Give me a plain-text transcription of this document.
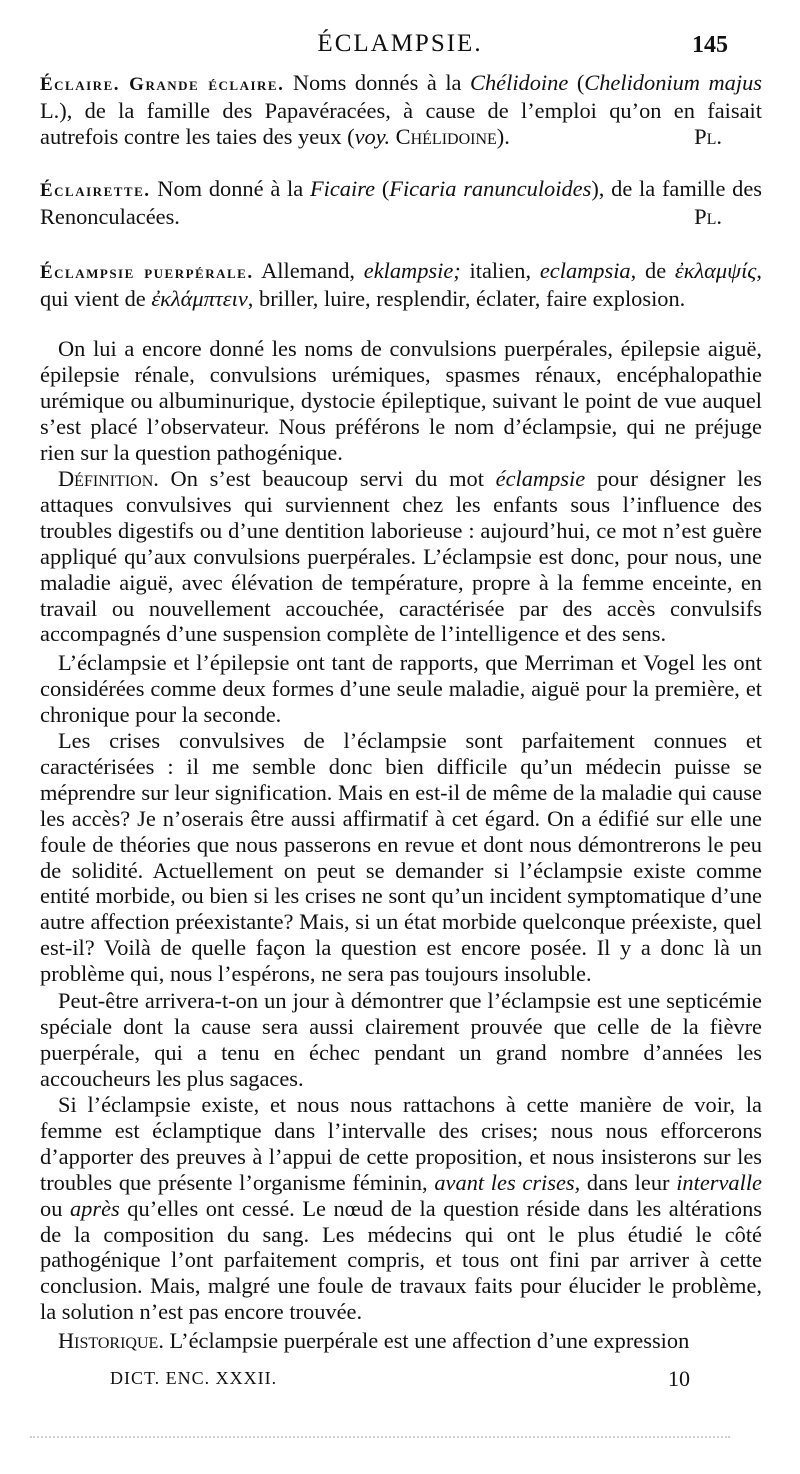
ÉCLAMPSIE.	145
Éclaire. Grande éclaire. Noms donnés à la Chélidoine (Chelidonium majus L.), de la famille des Papavéracées, à cause de l’emploi qu’on en faisait autrefois contre les taies des yeux (voy. Chélidoine).	Pl.
Éclairette. Nom donné à la Ficaire (Ficaria ranunculoides), de la famille des Renonculacées.	Pl.
Éclampsie puerpérale. Allemand, eklampsie; italien, eclampsia, de ἐκλαμψίς, qui vient de ἐκλάμπτειν, briller, luire, resplendir, éclater, faire explosion.
On lui a encore donné les noms de convulsions puerpérales, épilepsie aiguë, épilepsie rénale, convulsions urémiques, spasmes rénaux, encéphalopathie urémique ou albuminurique, dystocie épileptique, suivant le point de vue auquel s’est placé l’observateur. Nous préférons le nom d’éclampsie, qui ne préjuge rien sur la question pathogénique.
Définition. On s’est beaucoup servi du mot éclampsie pour désigner les attaques convulsives qui surviennent chez les enfants sous l’influence des troubles digestifs ou d’une dentition laborieuse : aujourd’hui, ce mot n’est guère appliqué qu’aux convulsions puerpérales. L’éclampsie est donc, pour nous, une maladie aiguë, avec élévation de température, propre à la femme enceinte, en travail ou nouvellement accouchée, caractérisée par des accès convulsifs accompagnés d’une suspension complète de l’intelligence et des sens.
L’éclampsie et l’épilepsie ont tant de rapports, que Merriman et Vogel les ont considérées comme deux formes d’une seule maladie, aiguë pour la première, et chronique pour la seconde.
Les crises convulsives de l’éclampsie sont parfaitement connues et caractérisées : il me semble donc bien difficile qu’un médecin puisse se méprendre sur leur signification. Mais en est-il de même de la maladie qui cause les accès? Je n’oserais être aussi affirmatif à cet égard. On a édifié sur elle une foule de théories que nous passerons en revue et dont nous démontrerons le peu de solidité. Actuellement on peut se demander si l’éclampsie existe comme entité morbide, ou bien si les crises ne sont qu’un incident symptomatique d’une autre affection préexistante? Mais, si un état morbide quelconque préexiste, quel est-il? Voilà de quelle façon la question est encore posée. Il y a donc là un problème qui, nous l’espérons, ne sera pas toujours insoluble.
Peut-être arrivera-t-on un jour à démontrer que l’éclampsie est une septicémie spéciale dont la cause sera aussi clairement prouvée que celle de la fièvre puerpérale, qui a tenu en échec pendant un grand nombre d’années les accoucheurs les plus sagaces.
Si l’éclampsie existe, et nous nous rattachons à cette manière de voir, la femme est éclamptique dans l’intervalle des crises; nous nous efforcerons d’apporter des preuves à l’appui de cette proposition, et nous insisterons sur les troubles que présente l’organisme féminin, avant les crises, dans leur intervalle ou après qu’elles ont cessé. Le nœud de la question réside dans les altérations de la composition du sang. Les médecins qui ont le plus étudié le côté pathogénique l’ont parfaitement compris, et tous ont fini par arriver à cette conclusion. Mais, malgré une foule de travaux faits pour élucider le problème, la solution n’est pas encore trouvée.
Historique. L’éclampsie puerpérale est une affection d’une expression
DICT. ENC. XXXII.	10
